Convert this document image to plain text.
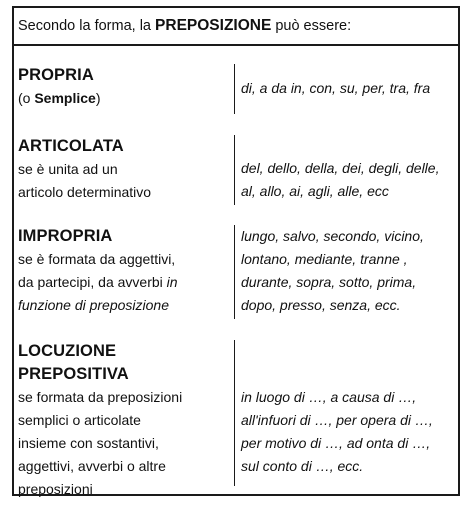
Secondo la forma, la PREPOSIZIONE può essere:
PROPRIA
(o Semplice)
di, a da in, con, su, per, tra, fra
ARTICOLATA
se è unita ad un
articolo determinativo
del, dello, della, dei, degli, delle,
al, allo, ai, agli, alle, ecc
IMPROPRIA
se è formata da aggettivi,
da partecipi, da avverbi in
funzione di preposizione
lungo, salvo, secondo, vicino,
lontano, mediante, tranne ,
durante, sopra, sotto, prima,
dopo, presso, senza, ecc.
LOCUZIONE
PREPOSITIVA
se formata da preposizioni
semplici o articolate
insieme con sostantivi,
aggettivi, avverbi o altre
preposizioni
in luogo di …, a causa di …,
all'infuori di …, per opera di …,
per motivo di …, ad onta di …,
sul conto di …, ecc.
